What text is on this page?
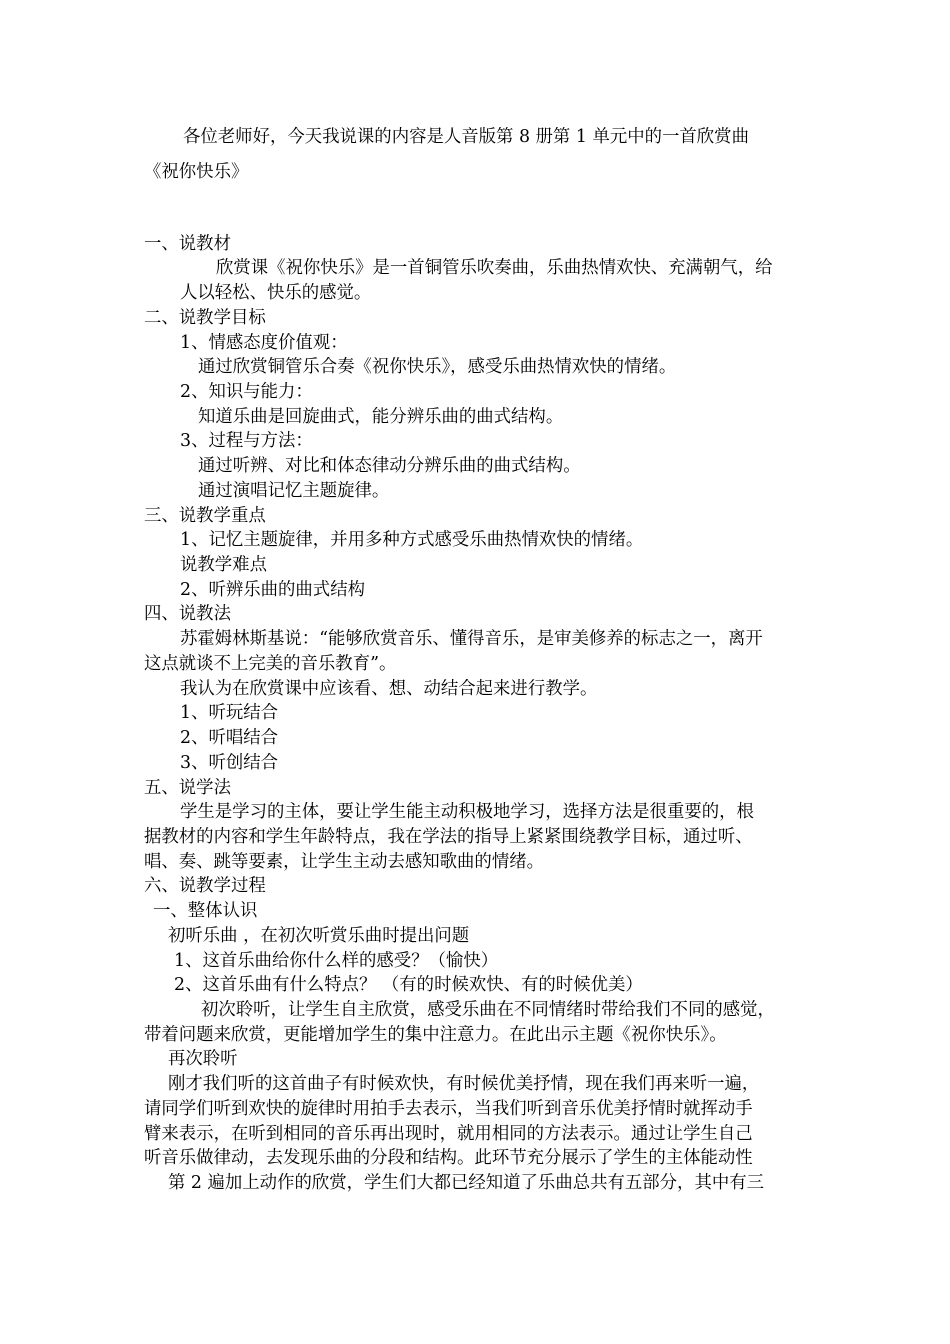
各位老师好，今天我说课的内容是人音版第 8 册第 1 单元中的一首欣赏曲
《祝你快乐》
一、说教材
欣赏课《祝你快乐》是一首铜管乐吹奏曲，乐曲热情欢快、充满朝气，给
人以轻松、快乐的感觉。
二、说教学目标
1、情感态度价值观：
通过欣赏铜管乐合奏《祝你快乐》，感受乐曲热情欢快的情绪。
2、知识与能力：
知道乐曲是回旋曲式，能分辨乐曲的曲式结构。
3、过程与方法：
通过听辨、对比和体态律动分辨乐曲的曲式结构。
通过演唱记忆主题旋律。
三、说教学重点
1、记忆主题旋律，并用多种方式感受乐曲热情欢快的情绪。
说教学难点
2、听辨乐曲的曲式结构
四、说教法
苏霍姆林斯基说：“能够欣赏音乐、懂得音乐，是审美修养的标志之一，离开
这点就谈不上完美的音乐教育”。
我认为在欣赏课中应该看、想、动结合起来进行教学。
1、听玩结合
2、听唱结合
3、听创结合
五、说学法
学生是学习的主体，要让学生能主动积极地学习，选择方法是很重要的，根
据教材的内容和学生年龄特点，我在学法的指导上紧紧围绕教学目标，通过听、
唱、奏、跳等要素，让学生主动去感知歌曲的情绪。
六、说教学过程
一、整体认识
初听乐曲 ，在初次听赏乐曲时提出问题
1、这首乐曲给你什么样的感受？（愉快）
2、这首乐曲有什么特点？ （有的时候欢快、有的时候优美）
初次聆听，让学生自主欣赏，感受乐曲在不同情绪时带给我们不同的感觉，
带着问题来欣赏，更能增加学生的集中注意力。在此出示主题《祝你快乐》。
再次聆听
刚才我们听的这首曲子有时候欢快，有时候优美抒情，现在我们再来听一遍，
请同学们听到欢快的旋律时用拍手去表示，当我们听到音乐优美抒情时就挥动手
臂来表示，在听到相同的音乐再出现时，就用相同的方法表示。通过让学生自己
听音乐做律动，去发现乐曲的分段和结构。此环节充分展示了学生的主体能动性
第 2 遍加上动作的欣赏，学生们大都已经知道了乐曲总共有五部分，其中有三
